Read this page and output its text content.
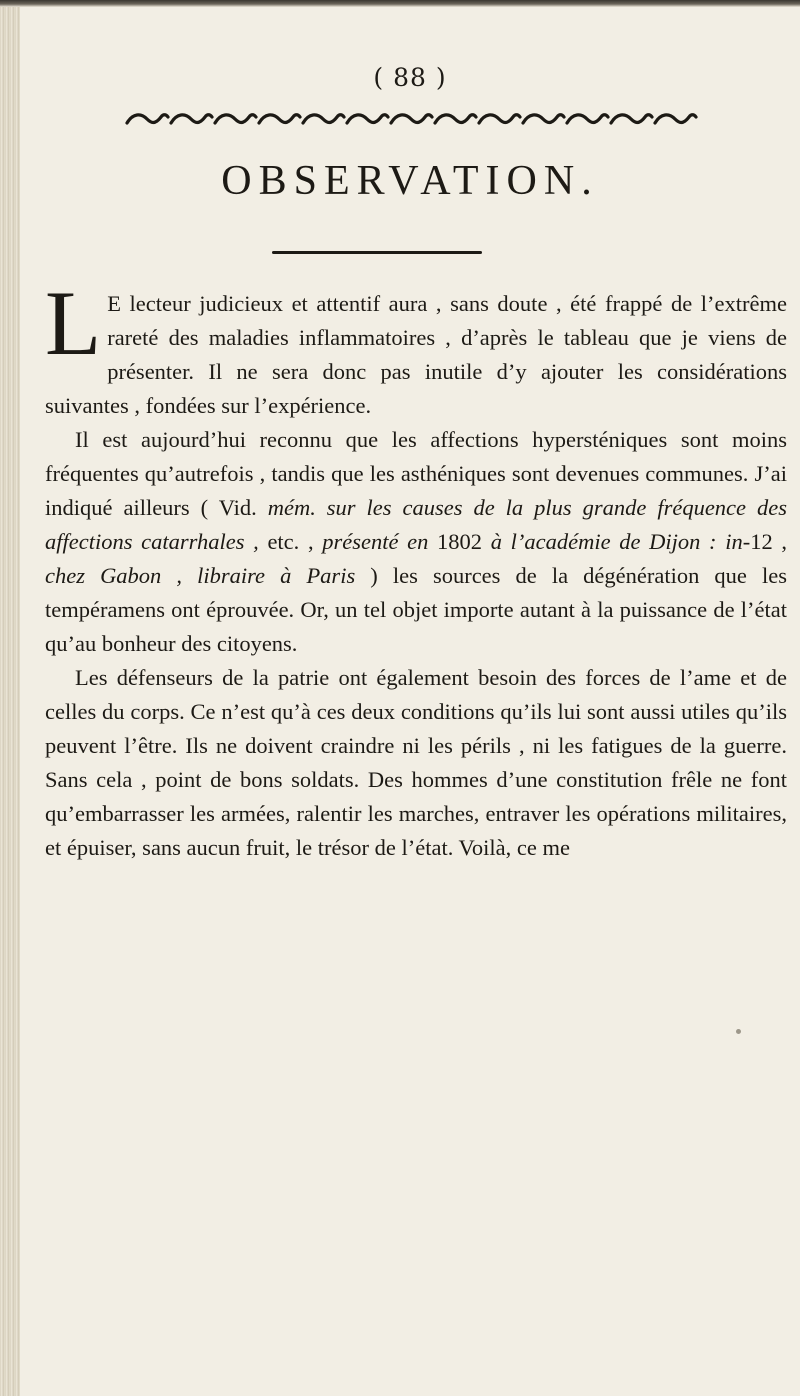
( 88 )
OBSERVATION.

L E lecteur judicieux et attentif aura , sans doute , été frappé de l’extrême rareté des maladies inflammatoires , d’après le tableau que je viens de présenter. Il ne sera donc pas inutile d’y ajouter les considérations suivantes , fondées sur l’expérience.

Il est aujourd’hui reconnu que les affections hypersténiques sont moins fréquentes qu’autrefois , tandis que les asthéniques sont devenues communes. J’ai indiqué ailleurs ( Vid. mém. sur les causes de la plus grande fréquence des affections catarrhales , etc. , présenté en 1802 à l’académie de Dijon : in-12 , chez Gabon , libraire à Paris ) les sources de la dégénération que les tempéramens ont éprouvée. Or, un tel objet importe autant à la puissance de l’état qu’au bonheur des citoyens.

Les défenseurs de la patrie ont également besoin des forces de l’ame et de celles du corps. Ce n’est qu’à ces deux conditions qu’ils lui sont aussi utiles qu’ils peuvent l’être. Ils ne doivent craindre ni les périls , ni les fatigues de la guerre. Sans cela , point de bons soldats. Des hommes d’une constitution frêle ne font qu’embarrasser les armées, ralentir les marches, entraver les opérations militaires, et épuiser, sans aucun fruit, le trésor de l’état. Voilà, ce me
